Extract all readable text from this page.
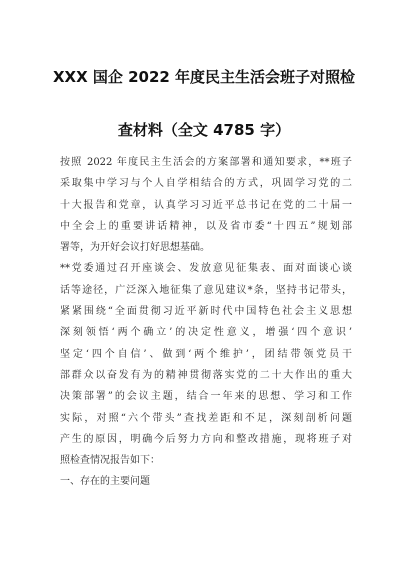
XXX 国企 2022 年度民主生活会班子对照检
查材料（全文 4785 字）
按照 2022 年度民主生活会的方案部署和通知要求，**班子
采取集中学习与个人自学相结合的方式，巩固学习党的二
十大报告和党章，认真学习习近平总书记在党的二十届一
中全会上的重要讲话精神，以及省市委“十四五”规划部
署等，为开好会议打好思想基础。
**党委通过召开座谈会、发放意见征集表、面对面谈心谈
话等途径，广泛深入地征集了意见建议*条，坚持书记带头，
紧紧围绕“全面贯彻习近平新时代中国特色社会主义思想
深刻领悟‘两个确立’的决定性意义，增强‘四个意识’
坚定‘四个自信’、做到‘两个维护’，团结带领党员干
部群众以奋发有为的精神贯彻落实党的二十大作出的重大
决策部署”的会议主题，结合一年来的思想、学习和工作
实际，对照“六个带头”查找差距和不足，深刻剖析问题
产生的原因，明确今后努力方向和整改措施，现将班子对
照检查情况报告如下：
一、存在的主要问题
